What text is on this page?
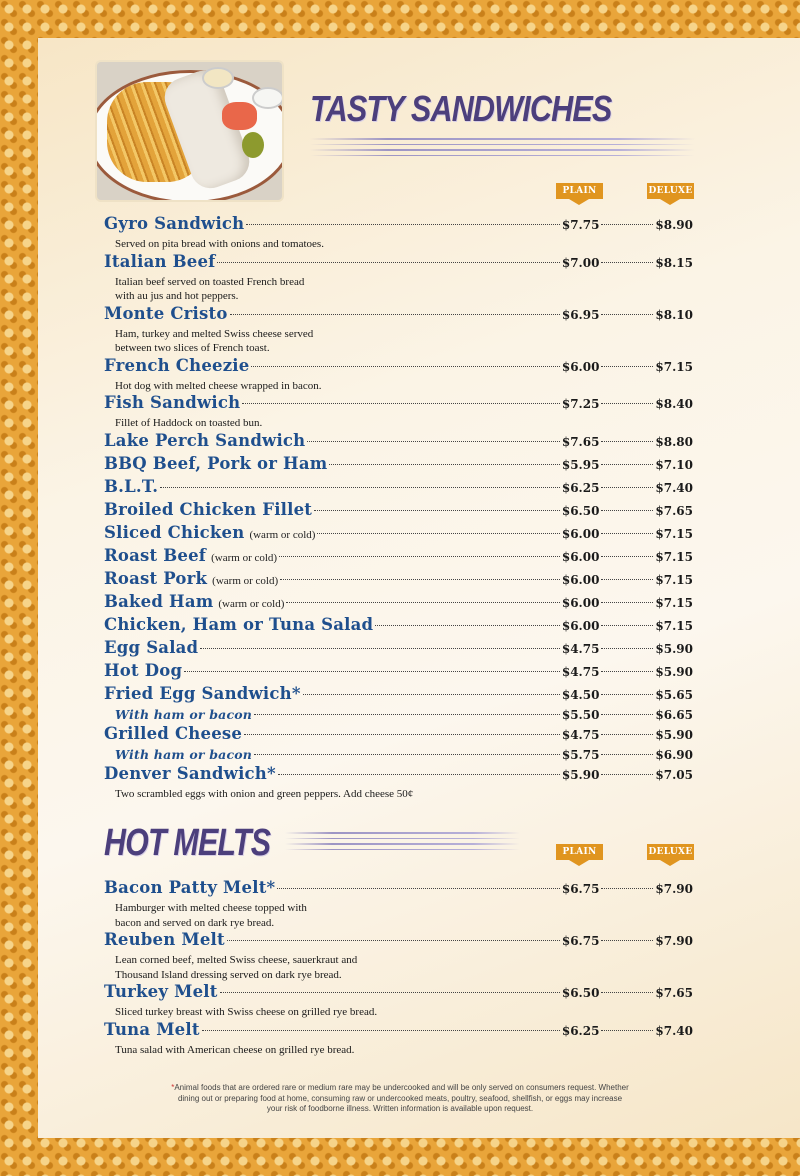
TASTY SANDWICHES
PLAIN	DELUXE
Gyro Sandwich	$7.75	$8.90
Served on pita bread with onions and tomatoes.
Italian Beef	$7.00	$8.15
Italian beef served on toasted French bread
with au jus and hot peppers.
Monte Cristo	$6.95	$8.10
Ham, turkey and melted Swiss cheese served
between two slices of French toast.
French Cheezie	$6.00	$7.15
Hot dog with melted cheese wrapped in bacon.
Fish Sandwich	$7.25	$8.40
Fillet of Haddock on toasted bun.
Lake Perch Sandwich	$7.65	$8.80
BBQ Beef, Pork or Ham	$5.95	$7.10
B.L.T.	$6.25	$7.40
Broiled Chicken Fillet	$6.50	$7.65
Sliced Chicken (warm or cold)	$6.00	$7.15
Roast Beef (warm or cold)	$6.00	$7.15
Roast Pork (warm or cold)	$6.00	$7.15
Baked Ham (warm or cold)	$6.00	$7.15
Chicken, Ham or Tuna Salad	$6.00	$7.15
Egg Salad	$4.75	$5.90
Hot Dog	$4.75	$5.90
Fried Egg Sandwich*	$4.50	$5.65
With ham or bacon	$5.50	$6.65
Grilled Cheese	$4.75	$5.90
With ham or bacon	$5.75	$6.90
Denver Sandwich*	$5.90	$7.05
Two scrambled eggs with onion and green peppers. Add cheese 50¢
HOT MELTS	PLAIN	DELUXE
Bacon Patty Melt*	$6.75	$7.90
Hamburger with melted cheese topped with
bacon and served on dark rye bread.
Reuben Melt	$6.75	$7.90
Lean corned beef, melted Swiss cheese, sauerkraut and
Thousand Island dressing served on dark rye bread.
Turkey Melt	$6.50	$7.65
Sliced turkey breast with Swiss cheese on grilled rye bread.
Tuna Melt	$6.25	$7.40
Tuna salad with American cheese on grilled rye bread.
*Animal foods that are ordered rare or medium rare may be undercooked and will be only served on consumers request. Whether dining out or preparing food at home, consuming raw or undercooked meats, poultry, seafood, shellfish, or eggs may increase your risk of foodborne illness. Written information is available upon request.
